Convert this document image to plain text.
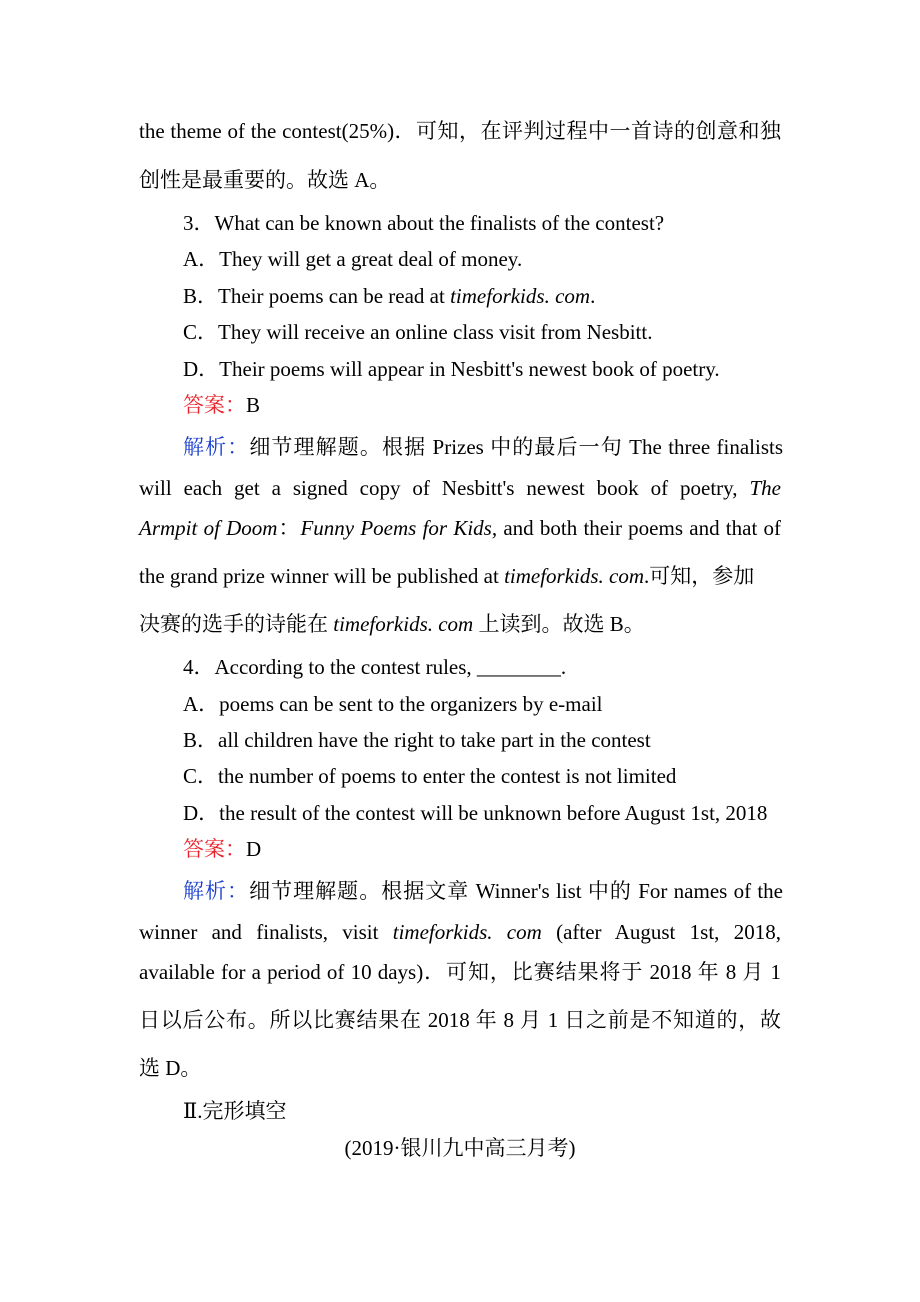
the theme of the contest(25%)．可知，在评判过程中一首诗的创意和独
创性是最重要的。故选 A。
3．What can be known about the finalists of the contest?
A．They will get a great deal of money.
B．Their poems can be read at timeforkids. com.
C．They will receive an online class visit from Nesbitt.
D．Their poems will appear in Nesbitt's newest book of poetry.
答案：B
解析：细节理解题。根据 Prizes 中的最后一句 The three finalists
will each get a signed copy of Nesbitt's newest book of poetry, The
Armpit of Doom：Funny Poems for Kids, and both their poems and that of
the grand prize winner will be published at timeforkids. com.可知，参加
决赛的选手的诗能在 timeforkids. com 上读到。故选 B。
4．According to the contest rules, ________.
A．poems can be sent to the organizers by e-mail
B．all children have the right to take part in the contest
C．the number of poems to enter the contest is not limited
D．the result of the contest will be unknown before August 1st, 2018
答案：D
解析：细节理解题。根据文章 Winner's list 中的 For names of the
winner and finalists, visit timeforkids. com (after August 1st, 2018,
available for a period of 10 days)．可知，比赛结果将于 2018 年 8 月 1
日以后公布。所以比赛结果在 2018 年 8 月 1 日之前是不知道的，故
选 D。
Ⅱ.完形填空
(2019·银川九中高三月考)
